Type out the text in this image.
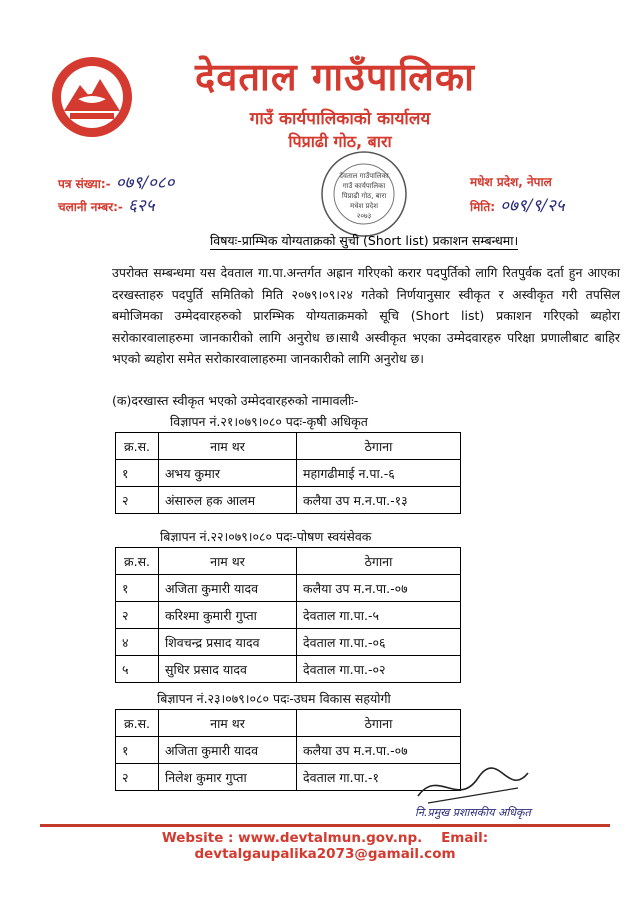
देवताल गाउँपालिका
गाउँ कार्यपालिकाको कार्यालय
पिप्राढी गोठ, बारा
पत्र संख्या:- ०७९/०८०
चलानी नम्बर:- ६२५
मधेश प्रदेश, नेपाल
मिति: ०७९/९/२५
देवताल गाउँपालिका
गाउँ कार्यपालिका
पिप्राढी गोठ, बारा
मधेश प्रदेश
२०७३
विषयः-प्राम्भिक योग्यताक्रको सुची (Short list) प्रकाशन सम्बन्धमा।
उपरोक्त सम्बन्धमा यस देवताल गा.पा.अन्तर्गत अह्रान गरिएको करार पदपुर्तिको लागि रितपुर्वक दर्ता हुन आएका दरखस्ताहरु पदपुर्ति समितिको मिति २०७९।०९।२४ गतेको निर्णयानुसार स्वीकृत र अस्वीकृत गरी तपसिल बमोजिमका उम्मेदवारहरुको प्रारम्भिक योग्यताक्रमको सूचि (Short list) प्रकाशन गरिएको ब्यहोरा सरोकारवालाहरुमा जानकारीको लागि अनुरोध छ।साथै अस्वीकृत भएका उम्मेदवारहरु परिक्षा प्रणालीबाट बाहिर भएको ब्यहोरा समेत सरोकारवालाहरुमा जानकारीको लागि अनुरोध छ।
(क)दरखास्त स्वीकृत भएको उम्मेदवारहरुको नामावलीः-
विज्ञापन नं.२१।०७९।०८० पदः-कृषी अधिकृत
क्र.स.	नाम थर	ठेगाना
१	अभय कुमार	महागढीमाई न.पा.-६
२	अंसारुल हक आलम	कलैया उप म.न.पा.-१३
बिज्ञापन नं.२२।०७९।०८० पदः-पोषण स्वयंसेवक
क्र.स.	नाम थर	ठेगाना
१	अजिता कुमारी यादव	कलैया उप म.न.पा.-०७
२	करिश्मा कुमारी गुप्ता	देवताल गा.पा.-५
४	शिवचन्द्र प्रसाद यादव	देवताल गा.पा.-०६
५	सुधिर प्रसाद यादव	देवताल गा.पा.-०२
बिज्ञापन नं.२३।०७९।०८० पदः-उघम विकास सहयोगी
क्र.स.	नाम थर	ठेगाना
१	अजिता कुमारी यादव	कलैया उप म.न.पा.-०७
२	निलेश कुमार गुप्ता	देवताल गा.पा.-१
नि.प्रमुख प्रशासकीय अधिकृत
Website : www.devtalmun.gov.np. Email: devtalgaupalika2073@gamail.com
